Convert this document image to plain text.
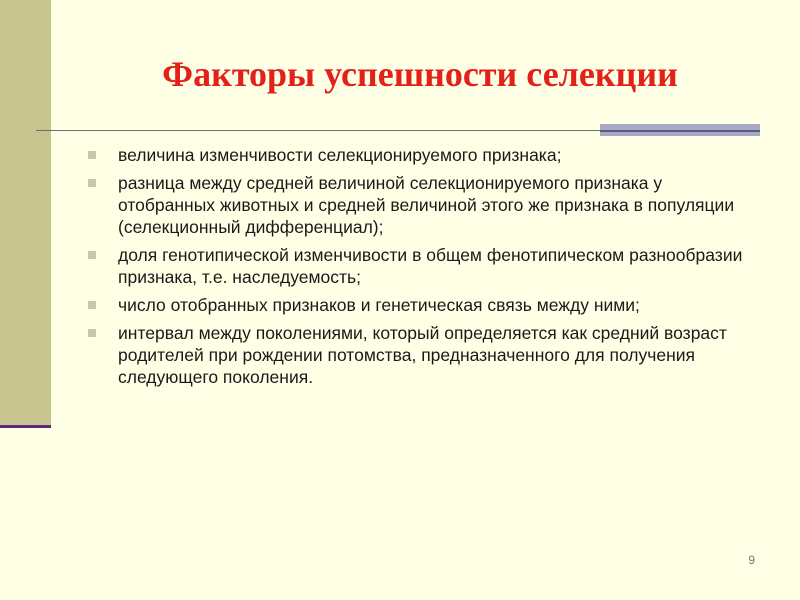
Факторы успешности селекции
величина изменчивости селекционируемого признака;
разница между средней величиной селекционируемого признака у отобранных животных и средней величиной этого же признака в популяции (селекционный дифференциал);
доля генотипической изменчивости в общем фенотипическом разнообразии признака, т.е. наследуемость;
число отобранных признаков и генетическая связь между ними;
интервал между поколениями, который определяется как средний возраст родителей при рождении потомства, предназначенного для получения следующего поколения.
9
